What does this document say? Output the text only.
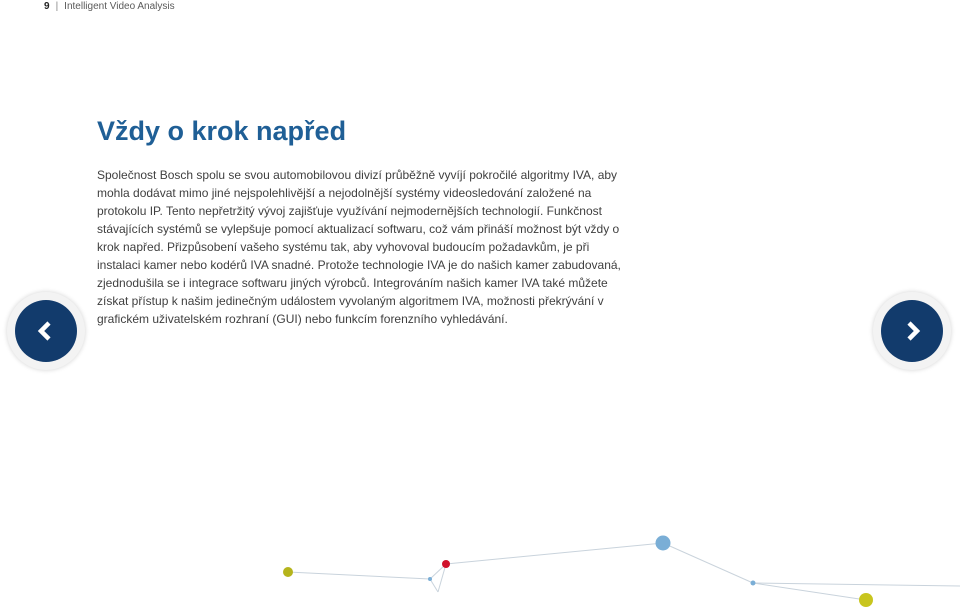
9 | Intelligent Video Analysis
Vždy o krok napřed

Společnost Bosch spolu se svou automobilovou divizí průběžně vyvíjí pokročilé algoritmy IVA, aby mohla dodávat mimo jiné nejspolehlivější a nejodolnější systémy videosledování založené na protokolu IP. Tento nepřetržitý vývoj zajišťuje využívání nejmodernějších technologií. Funkčnost stávajících systémů se vylepšuje pomocí aktualizací softwaru, což vám přináší možnost být vždy o krok napřed. Přizpůsobení vašeho systému tak, aby vyhovoval budoucím požadavkům, je při instalaci kamer nebo kodérů IVA snadné. Protože technologie IVA je do našich kamer zabudovaná, zjednodušila se i integrace softwaru jiných výrobců. Integrováním našich kamer IVA také můžete získat přístup k našim jedinečným událostem vyvolaným algoritmem IVA, možnosti překrývání v grafickém uživatelském rozhraní (GUI) nebo funkcím forenzního vyhledávání.
